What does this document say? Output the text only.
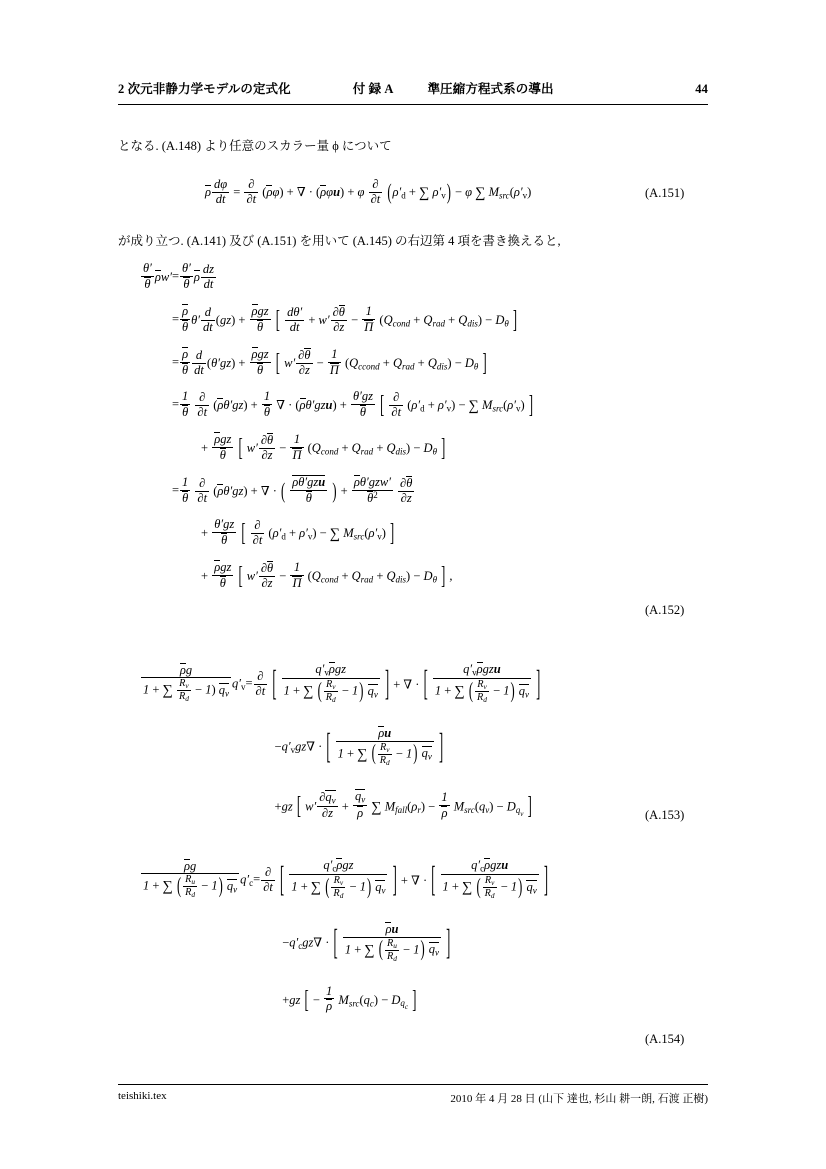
2 次元非静力学モデルの定式化	付 録 A	準圧縮方程式系の導出	44
となる. (A.148) より任意のスカラー量 ϕ について
ρ $\frac{d\varphi}{dt} = \frac{\partial}{\partial t} (\rho\varphi)$ + ∇ · (ρφu) + φ $\frac{\partial}{\partial t} (\rho'_d$ + ∑ $\rho'_v) - \varphi$ ∑ $M_{src}(\rho'_v)$	(A.151)
が成り立つ. (A.141) 及び (A.151) を用いて (A.145) の右辺第 4 項を書き換えると,
$\frac{\theta'}{\theta} \rho w'$	=	$\frac{\theta'}{\theta}$ ρ $\frac{dz}{dt}$

	=	$\frac{\rho}{\theta} \theta' \frac{d}{dt} (gz) + \frac{\text{ρgz}}{\theta}$ [ $\frac{d\theta'}{dt} + w' \frac{\partial\theta}{\partial z} - \frac{1}{\Pi} (Q_{cond} + Q_{rad} + Q_{dis}) - D_\theta$ ]

	=	$\frac{\rho}{\theta} \frac{d}{dt} (\theta'gz) + \frac{\text{ρgz}}{\theta}$ [ $w' \frac{\partial\theta}{\partial z} - \frac{1}{\Pi} (Q_{ccond} + Q_{rad} + Q_{dis}) - D_\theta$ ]

	=	$\frac{1}{\theta}$
$\frac{\partial}{\partial t} (\rho\theta'gz) + \frac{1}{\theta}$ ∇ · $(\rho\theta'gzu) + \frac{\theta'gz}{\theta}$ [ $\frac{\partial}{\partial t} (\rho'_d + \rho'_v)$ − ∑ $M_{src}(\rho'_v)$ ]

		+ $\frac{\text{ρgz}}{\theta}$ [ $w' \frac{\partial\theta}{\partial z} - \frac{1}{\Pi} (Q_{cond} + Q_{rad} + Q_{dis}) - D_\theta$ ]

	=	$\frac{1}{\theta}$
$\frac{\partial}{\partial t} (\rho\theta'gz)$ + ∇ · ( $\frac{\text{ρθ′gzu}}{\theta}$ ) + $\frac{\text{ρθ′gzw′}}{\theta^2}$
$\frac{\partial\theta}{\partial z}$

		+ $\frac{\theta'gz}{\theta}$ [ $\frac{\partial}{\partial t} (\rho'_d + \rho'_v)$ − ∑ $M_{src}(\rho'_v)$ ]

		+ $\frac{\text{ρgz}}{\theta}$ [ $w' \frac{\partial\theta}{\partial z} - \frac{1}{\Pi} (Q_{cond} + Q_{rad} + Q_{dis}) - D_\theta$ ] ,
(A.152)
$\frac{\rho g}{1 + \sum \frac{R_v}{R_d} - 1) q_v} q'_v$	=	$\frac{\partial}{\partial t}$ [ $\frac{q'_v\rho gz}{1 + \sum ( \frac{R_v}{R_d} - 1) q_v}$ ] + ∇ · [ $\frac{q'_v\rho gzu}{1 + \sum ( \frac{R_v}{R_d} - 1) q_v}$ ]

		$-q'_vgz\nabla$ · [ $\frac{\rho u}{1 + \sum ( \frac{R_v}{R_d} - 1) q_v}$ ]

		+gz [ $w' \frac{\partial q_v}{\partial z} + \frac{q_v}{\rho}$ ∑ $M_{fall}(\rho_r) - \frac{1}{\rho} M_{src}(q_v) - D_{q_v}$ ]	(A.153)
$\frac{\rho g}{1 + \sum ( \frac{R_u}{R_d} - 1) q_v} q'_c$	=	$\frac{\partial}{\partial t}$ [ $\frac{q'_c\rho gz}{1 + \sum ( \frac{R_v}{R_d} - 1) q_v}$ ] + ∇ · [ $\frac{q'_c\rho gzu}{1 + \sum ( \frac{R_v}{R_d} - 1) q_v}$ ]

		$-q'_cgz\nabla$ · [ $\frac{\rho u}{1 + \sum ( \frac{R_u}{R_d} - 1) q_v}$ ]

		+gz [ − $\frac{1}{\rho} M_{src}(q_c) - D_{q_c}$ ]
(A.154)
teishiki.tex	2010 年 4 月 28 日 (山下 達也, 杉山 耕一朗, 石渡 正樹)
